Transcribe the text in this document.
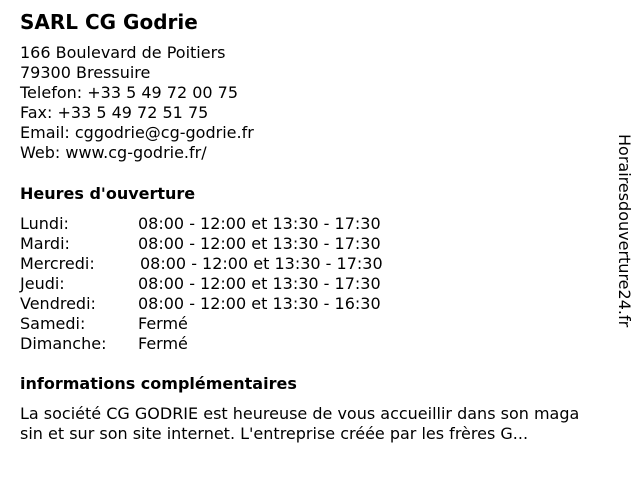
SARL CG Godrie
166 Boulevard de Poitiers
79300 Bressuire
Telefon: +33 5 49 72 00 75
Fax: +33 5 49 72 51 75
Email: cggodrie@cg-godrie.fr
Web: www.cg-godrie.fr/
Heures d'ouverture
Lundi:	08:00 - 12:00 et 13:30 - 17:30
Mardi:	08:00 - 12:00 et 13:30 - 17:30
Mercredi:	08:00 - 12:00 et 13:30 - 17:30
Jeudi:	08:00 - 12:00 et 13:30 - 17:30
Vendredi:	08:00 - 12:00 et 13:30 - 16:30
Samedi:	Fermé
Dimanche: Fermé
informations complémentaires
La société CG GODRIE est heureuse de vous accueillir dans son maga
sin et sur son site internet. L'entreprise créée par les frères G...
Horairesdouverture24.fr
